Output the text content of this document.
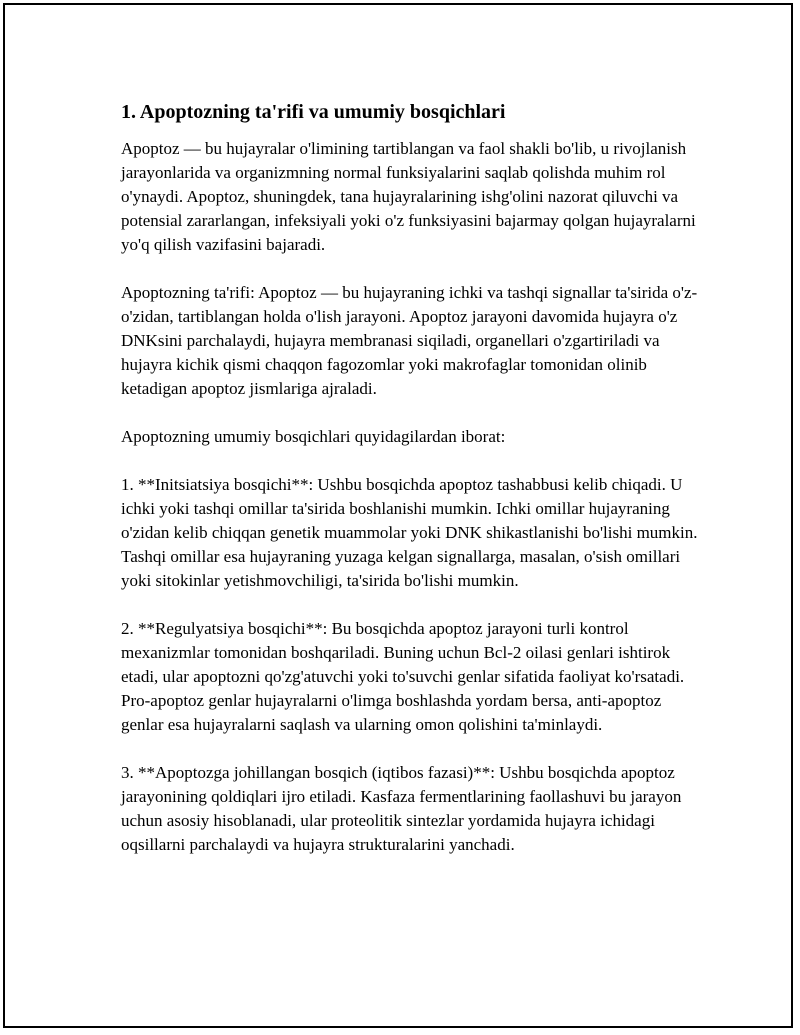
1. Apoptozning ta'rifi va umumiy bosqichlari

Apoptoz — bu hujayralar o'limining tartiblangan va faol shakli bo'lib, u rivojlanish jarayonlarida va organizmning normal funksiyalarini saqlab qolishda muhim rol o'ynaydi. Apoptoz, shuningdek, tana hujayralarining ishg'olini nazorat qiluvchi va potensial zararlangan, infeksiyali yoki o'z funksiyasini bajarmay qolgan hujayralarni yo'q qilish vazifasini bajaradi.

Apoptozning ta'rifi: Apoptoz — bu hujayraning ichki va tashqi signallar ta'sirida o'z-o'zidan, tartiblangan holda o'lish jarayoni. Apoptoz jarayoni davomida hujayra o'z DNKsini parchalaydi, hujayra membranasi siqiladi, organellari o'zgartiriladi va hujayra kichik qismi chaqqon fagozomlar yoki makrofaglar tomonidan olinib ketadigan apoptoz jismlariga ajraladi.

Apoptozning umumiy bosqichlari quyidagilardan iborat:

1. **Initsiatsiya bosqichi**: Ushbu bosqichda apoptoz tashabbusi kelib chiqadi. U ichki yoki tashqi omillar ta'sirida boshlanishi mumkin. Ichki omillar hujayraning o'zidan kelib chiqqan genetik muammolar yoki DNK shikastlanishi bo'lishi mumkin. Tashqi omillar esa hujayraning yuzaga kelgan signallarga, masalan, o'sish omillari yoki sitokinlar yetishmovchiligi, ta'sirida bo'lishi mumkin.

2. **Regulyatsiya bosqichi**: Bu bosqichda apoptoz jarayoni turli kontrol mexanizmlar tomonidan boshqariladi. Buning uchun Bcl-2 oilasi genlari ishtirok etadi, ular apoptozni qo'zg'atuvchi yoki to'suvchi genlar sifatida faoliyat ko'rsatadi. Pro-apoptoz genlar hujayralarni o'limga boshlashda yordam bersa, anti-apoptoz genlar esa hujayralarni saqlash va ularning omon qolishini ta'minlaydi.

3. **Apoptozga johillangan bosqich (iqtibos fazasi)**: Ushbu bosqichda apoptoz jarayonining qoldiqlari ijro etiladi. Kasfaza fermentlarining faollashuvi bu jarayon uchun asosiy hisoblanadi, ular proteolitik sintezlar yordamida hujayra ichidagi oqsillarni parchalaydi va hujayra strukturalarini yanchadi.
